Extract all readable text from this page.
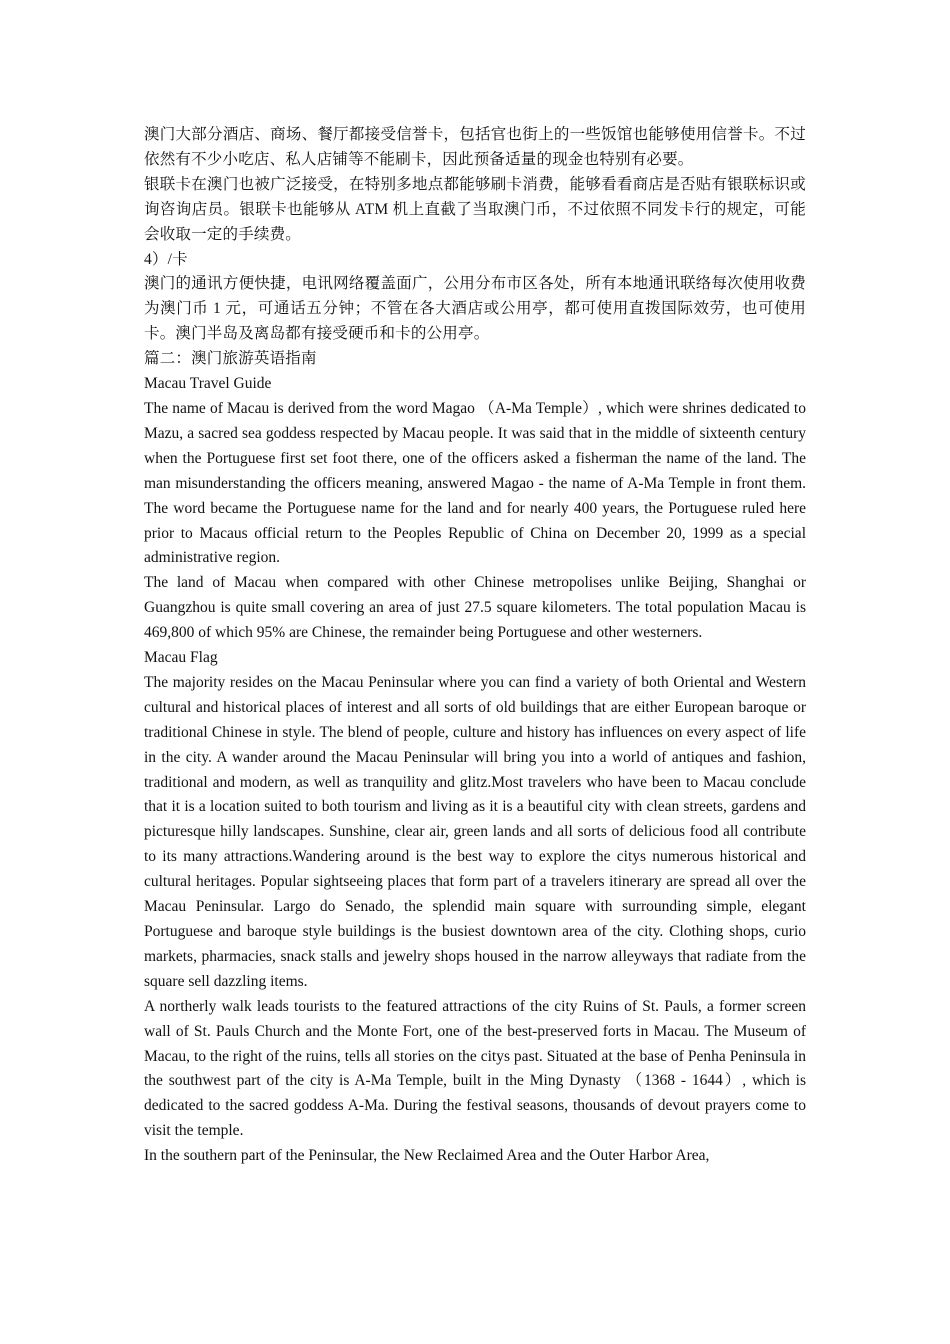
澳门大部分酒店、商场、餐厅都接受信誉卡，包括官也街上的一些饭馆也能够使用信誉卡。不过依然有不少小吃店、私人店铺等不能刷卡，因此预备适量的现金也特别有必要。

银联卡在澳门也被广泛接受，在特别多地点都能够刷卡消费，能够看看商店是否贴有银联标识或询咨询店员。银联卡也能够从 ATM 机上直截了当取澳门币，不过依照不同发卡行的规定，可能会收取一定的手续费。

4）/卡

澳门的通讯方便快捷，电讯网络覆盖面广，公用分布市区各处，所有本地通讯联络每次使用收费为澳门币 1 元，可通话五分钟；不管在各大酒店或公用亭，都可使用直拨国际效劳，也可使用卡。澳门半岛及离岛都有接受硬币和卡的公用亭。

篇二：澳门旅游英语指南

Macau Travel Guide

The name of Macau is derived from the word Magao （A-Ma Temple）, which were shrines dedicated to Mazu, a sacred sea goddess respected by Macau people. It was said that in the middle of sixteenth century when the Portuguese first set foot there, one of the officers asked a fisherman the name of the land. The man misunderstanding the officers meaning, answered Magao - the name of A-Ma Temple in front them. The word became the Portuguese name for the land and for nearly 400 years, the Portuguese ruled here prior to Macaus official return to the Peoples Republic of China on December 20, 1999 as a special administrative region.

The land of Macau when compared with other Chinese metropolises unlike Beijing, Shanghai or Guangzhou is quite small covering an area of just 27.5 square kilometers. The total population Macau is 469,800 of which 95% are Chinese, the remainder being Portuguese and other westerners.

Macau Flag

The majority resides on the Macau Peninsular where you can find a variety of both Oriental and Western cultural and historical places of interest and all sorts of old buildings that are either European baroque or traditional Chinese in style. The blend of people, culture and history has influences on every aspect of life in the city. A wander around the Macau Peninsular will bring you into a world of antiques and fashion, traditional and modern, as well as tranquility and glitz.Most travelers who have been to Macau conclude that it is a location suited to both tourism and living as it is a beautiful city with clean streets, gardens and picturesque hilly landscapes. Sunshine, clear air, green lands and all sorts of delicious food all contribute to its many attractions.Wandering around is the best way to explore the citys numerous historical and cultural heritages. Popular sightseeing places that form part of a travelers itinerary are spread all over the Macau Peninsular. Largo do Senado, the splendid main square with surrounding simple, elegant Portuguese and baroque style buildings is the busiest downtown area of the city. Clothing shops, curio markets, pharmacies, snack stalls and jewelry shops housed in the narrow alleyways that radiate from the square sell dazzling items.

A northerly walk leads tourists to the featured attractions of the city Ruins of St. Pauls, a former screen wall of St. Pauls Church and the Monte Fort, one of the best-preserved forts in Macau. The Museum of Macau, to the right of the ruins, tells all stories on the citys past. Situated at the base of Penha Peninsula in the southwest part of the city is A-Ma Temple, built in the Ming Dynasty （1368 - 1644）, which is dedicated to the sacred goddess A-Ma. During the festival seasons, thousands of devout prayers come to visit the temple.

In the southern part of the Peninsular, the New Reclaimed Area and the Outer Harbor Area,
